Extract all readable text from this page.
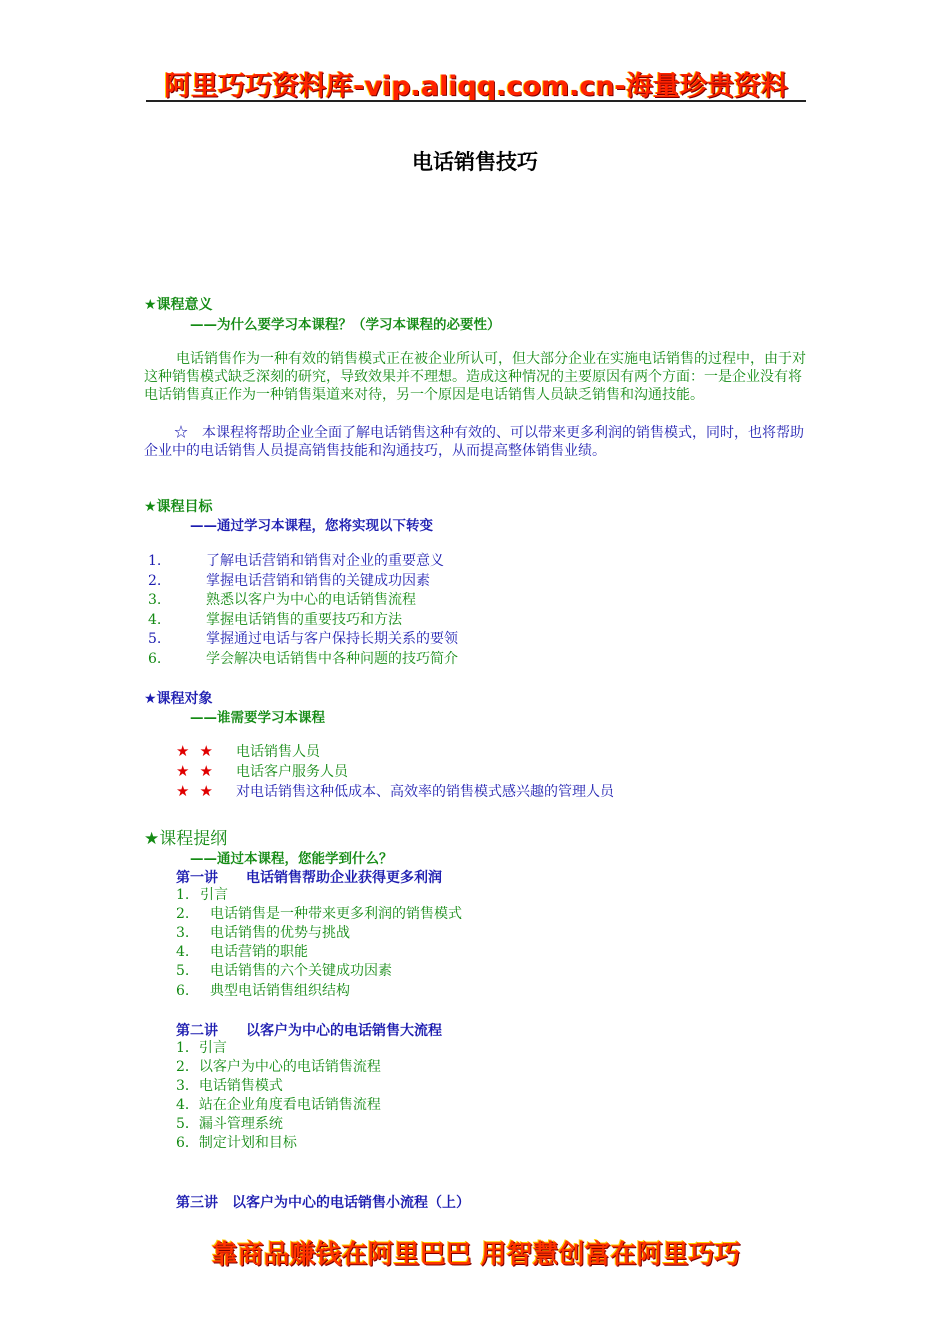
阿里巧巧资料库-vip.aliqq.com.cn-海量珍贵资料
电话销售技巧
★课程意义
——为什么要学习本课程？（学习本课程的必要性）
电话销售作为一种有效的销售模式正在被企业所认可，但大部分企业在实施电话销售的过程中，由于对这种销售模式缺乏深刻的研究，导致效果并不理想。造成这种情况的主要原因有两个方面：一是企业没有将电话销售真正作为一种销售渠道来对待，另一个原因是电话销售人员缺乏销售和沟通技能。
☆　本课程将帮助企业全面了解电话销售这种有效的、可以带来更多利润的销售模式，同时，也将帮助企业中的电话销售人员提高销售技能和沟通技巧，从而提高整体销售业绩。
★课程目标
——通过学习本课程，您将实现以下转变
1.	了解电话营销和销售对企业的重要意义
2.	掌握电话营销和销售的关键成功因素
3.	熟悉以客户为中心的电话销售流程
4.	掌握电话销售的重要技巧和方法
5.	掌握通过电话与客户保持长期关系的要领
6.	学会解决电话销售中各种问题的技巧简介
★课程对象
——谁需要学习本课程
★★ 电话销售人员
★★ 电话客户服务人员
★★ 对电话销售这种低成本、高效率的销售模式感兴趣的管理人员
★课程提纲
——通过本课程，您能学到什么？
第一讲　　电话销售帮助企业获得更多利润
1. 引言
2. 电话销售是一种带来更多利润的销售模式
3. 电话销售的优势与挑战
4. 电话营销的职能
5. 电话销售的六个关键成功因素
6. 典型电话销售组织结构
第二讲　　以客户为中心的电话销售大流程
1．引言
2．以客户为中心的电话销售流程
3．电话销售模式
4．站在企业角度看电话销售流程
5．漏斗管理系统
6．制定计划和目标
第三讲　以客户为中心的电话销售小流程（上）
靠商品赚钱在阿里巴巴 用智慧创富在阿里巧巧
